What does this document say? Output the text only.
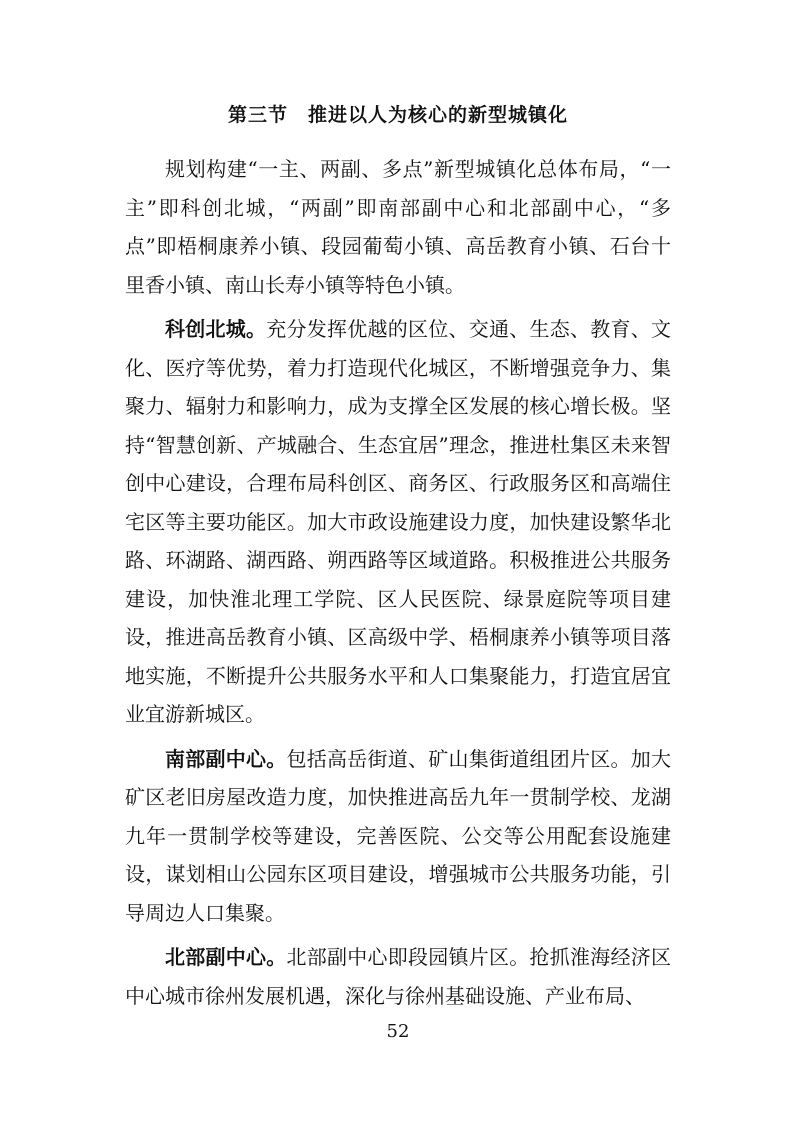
第三节　推进以人为核心的新型城镇化

规划构建“一主、两副、多点”新型城镇化总体布局，“一主”即科创北城，“两副”即南部副中心和北部副中心，“多点”即梧桐康养小镇、段园葡萄小镇、高岳教育小镇、石台十里香小镇、南山长寿小镇等特色小镇。

科创北城。充分发挥优越的区位、交通、生态、教育、文化、医疗等优势，着力打造现代化城区，不断增强竞争力、集聚力、辐射力和影响力，成为支撑全区发展的核心增长极。坚持“智慧创新、产城融合、生态宜居”理念，推进杜集区未来智创中心建设，合理布局科创区、商务区、行政服务区和高端住宅区等主要功能区。加大市政设施建设力度，加快建设繁华北路、环湖路、湖西路、朔西路等区域道路。积极推进公共服务建设，加快淮北理工学院、区人民医院、绿景庭院等项目建设，推进高岳教育小镇、区高级中学、梧桐康养小镇等项目落地实施，不断提升公共服务水平和人口集聚能力，打造宜居宜业宜游新城区。

南部副中心。包括高岳街道、矿山集街道组团片区。加大矿区老旧房屋改造力度，加快推进高岳九年一贯制学校、龙湖九年一贯制学校等建设，完善医院、公交等公用配套设施建设，谋划相山公园东区项目建设，增强城市公共服务功能，引导周边人口集聚。

北部副中心。北部副中心即段园镇片区。抢抓淮海经济区中心城市徐州发展机遇，深化与徐州基础设施、产业布局、

52
